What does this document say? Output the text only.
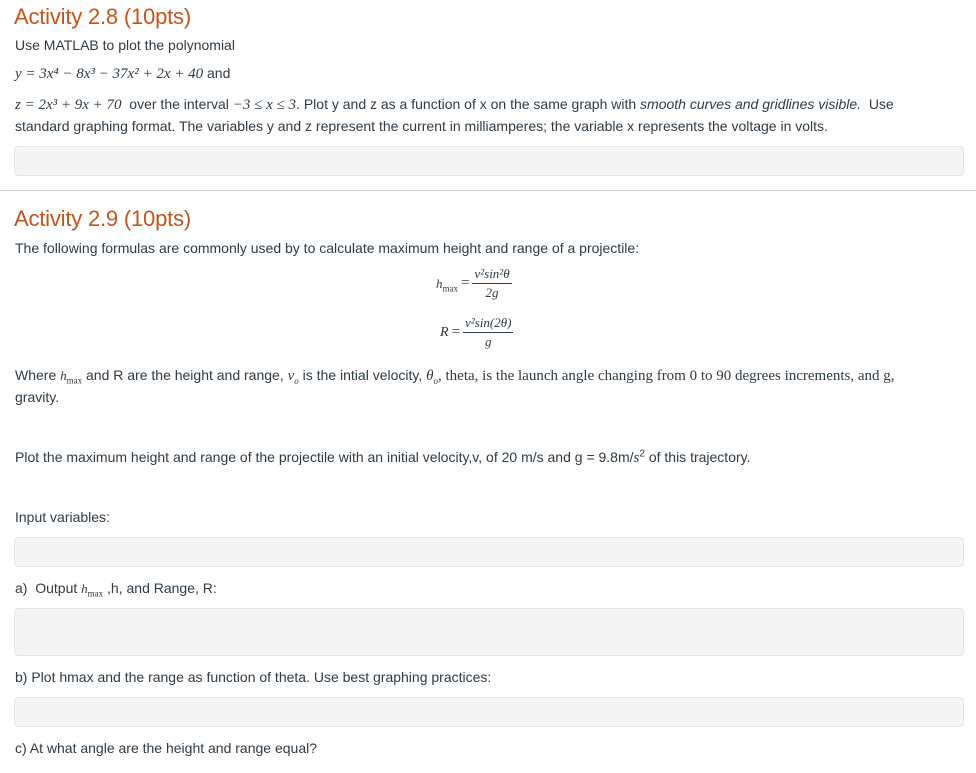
Activity 2.8 (10pts)
Use MATLAB to plot the polynomial
y = 3x⁴ − 8x³ − 37x² + 2x + 40 and
z = 2x³ + 9x + 70  over the interval −3 ≤ x ≤ 3. Plot y and z as a function of x on the same graph with smooth curves and gridlines visible.  Use
standard graphing format. The variables y and z represent the current in milliamperes; the variable x represents the voltage in volts.
Activity 2.9 (10pts)
The following formulas are commonly used by to calculate maximum height and range of a projectile:
$h_{max} = \frac{\text{v²sin²θ}}{2g}$
$R = \frac{\text{v²sin(2θ)}}{g}$
Where $h_{max}$ and R are the height and range, $v_o$ is the intial velocity, $\theta_o$, theta, is the launch angle changing from 0 to 90 degrees increments, and g,
gravity.
Plot the maximum height and range of the projectile with an initial velocity,v, of 20 m/s and $g = 9.8m/s^2$ of this trajectory.
Input variables:
a)  Output $h_{max}$ ,h, and Range, R:
b) Plot hmax and the range as function of theta. Use best graphing practices:
c) At what angle are the height and range equal?
